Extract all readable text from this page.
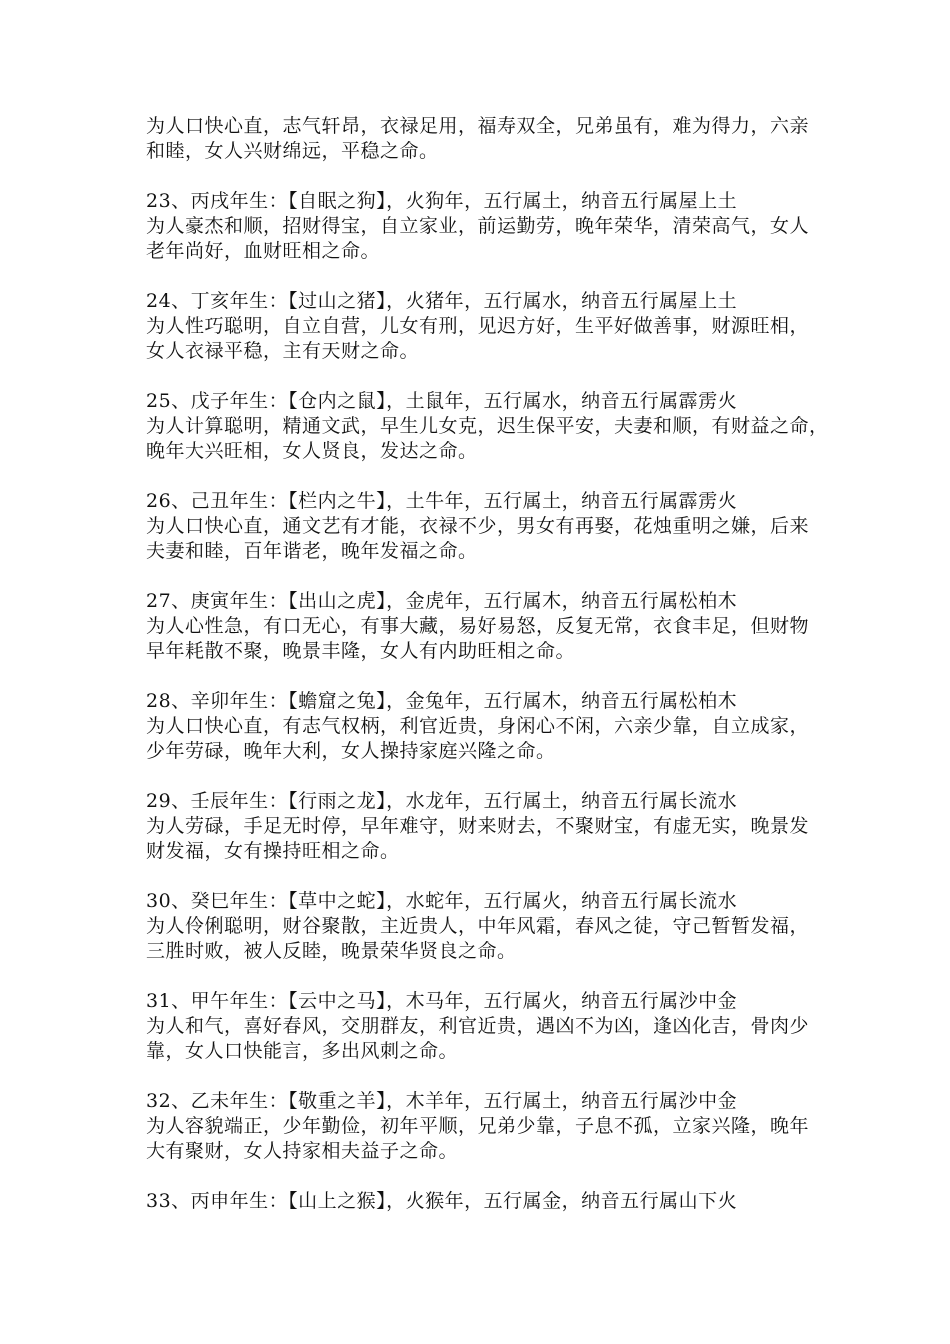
为人口快心直，志气轩昂，衣禄足用，福寿双全，兄弟虽有，难为得力，六亲
和睦，女人兴财绵远，平稳之命。
23、丙戌年生：【自眠之狗】，火狗年，五行属土，纳音五行属屋上土
为人豪杰和顺，招财得宝，自立家业，前运勤劳，晚年荣华，清荣高气，女人
老年尚好，血财旺相之命。
24、丁亥年生：【过山之猪】，火猪年，五行属水，纳音五行属屋上土
为人性巧聪明，自立自营，儿女有刑，见迟方好，生平好做善事，财源旺相，
女人衣禄平稳，主有天财之命。
25、戊子年生：【仓内之鼠】，土鼠年，五行属水，纳音五行属霹雳火
为人计算聪明，精通文武，早生儿女克，迟生保平安，夫妻和顺，有财益之命，
晚年大兴旺相，女人贤良，发达之命。
26、己丑年生：【栏内之牛】，土牛年，五行属土，纳音五行属霹雳火
为人口快心直，通文艺有才能，衣禄不少，男女有再娶，花烛重明之嫌，后来
夫妻和睦，百年谐老，晚年发福之命。
27、庚寅年生：【出山之虎】，金虎年，五行属木，纳音五行属松柏木
为人心性急，有口无心，有事大藏，易好易怒，反复无常，衣食丰足，但财物
早年耗散不聚，晚景丰隆，女人有内助旺相之命。
28、辛卯年生：【蟾窟之兔】，金兔年，五行属木，纳音五行属松柏木
为人口快心直，有志气权柄，利官近贵，身闲心不闲，六亲少靠，自立成家，
少年劳碌，晚年大利，女人操持家庭兴隆之命。
29、壬辰年生：【行雨之龙】，水龙年，五行属土，纳音五行属长流水
为人劳碌，手足无时停，早年难守，财来财去，不聚财宝，有虚无实，晚景发
财发福，女有操持旺相之命。
30、癸巳年生：【草中之蛇】，水蛇年，五行属火，纳音五行属长流水
为人伶俐聪明，财谷聚散，主近贵人，中年风霜，春风之徒，守己暂暂发福，
三胜时败，被人反睦，晚景荣华贤良之命。
31、甲午年生：【云中之马】，木马年，五行属火，纳音五行属沙中金
为人和气，喜好春风，交朋群友，利官近贵，遇凶不为凶，逢凶化吉，骨肉少
靠，女人口快能言，多出风刺之命。
32、乙未年生：【敬重之羊】，木羊年，五行属土，纳音五行属沙中金
为人容貌端正，少年勤俭，初年平顺，兄弟少靠，子息不孤，立家兴隆，晚年
大有聚财，女人持家相夫益子之命。
33、丙申年生：【山上之猴】，火猴年，五行属金，纳音五行属山下火
